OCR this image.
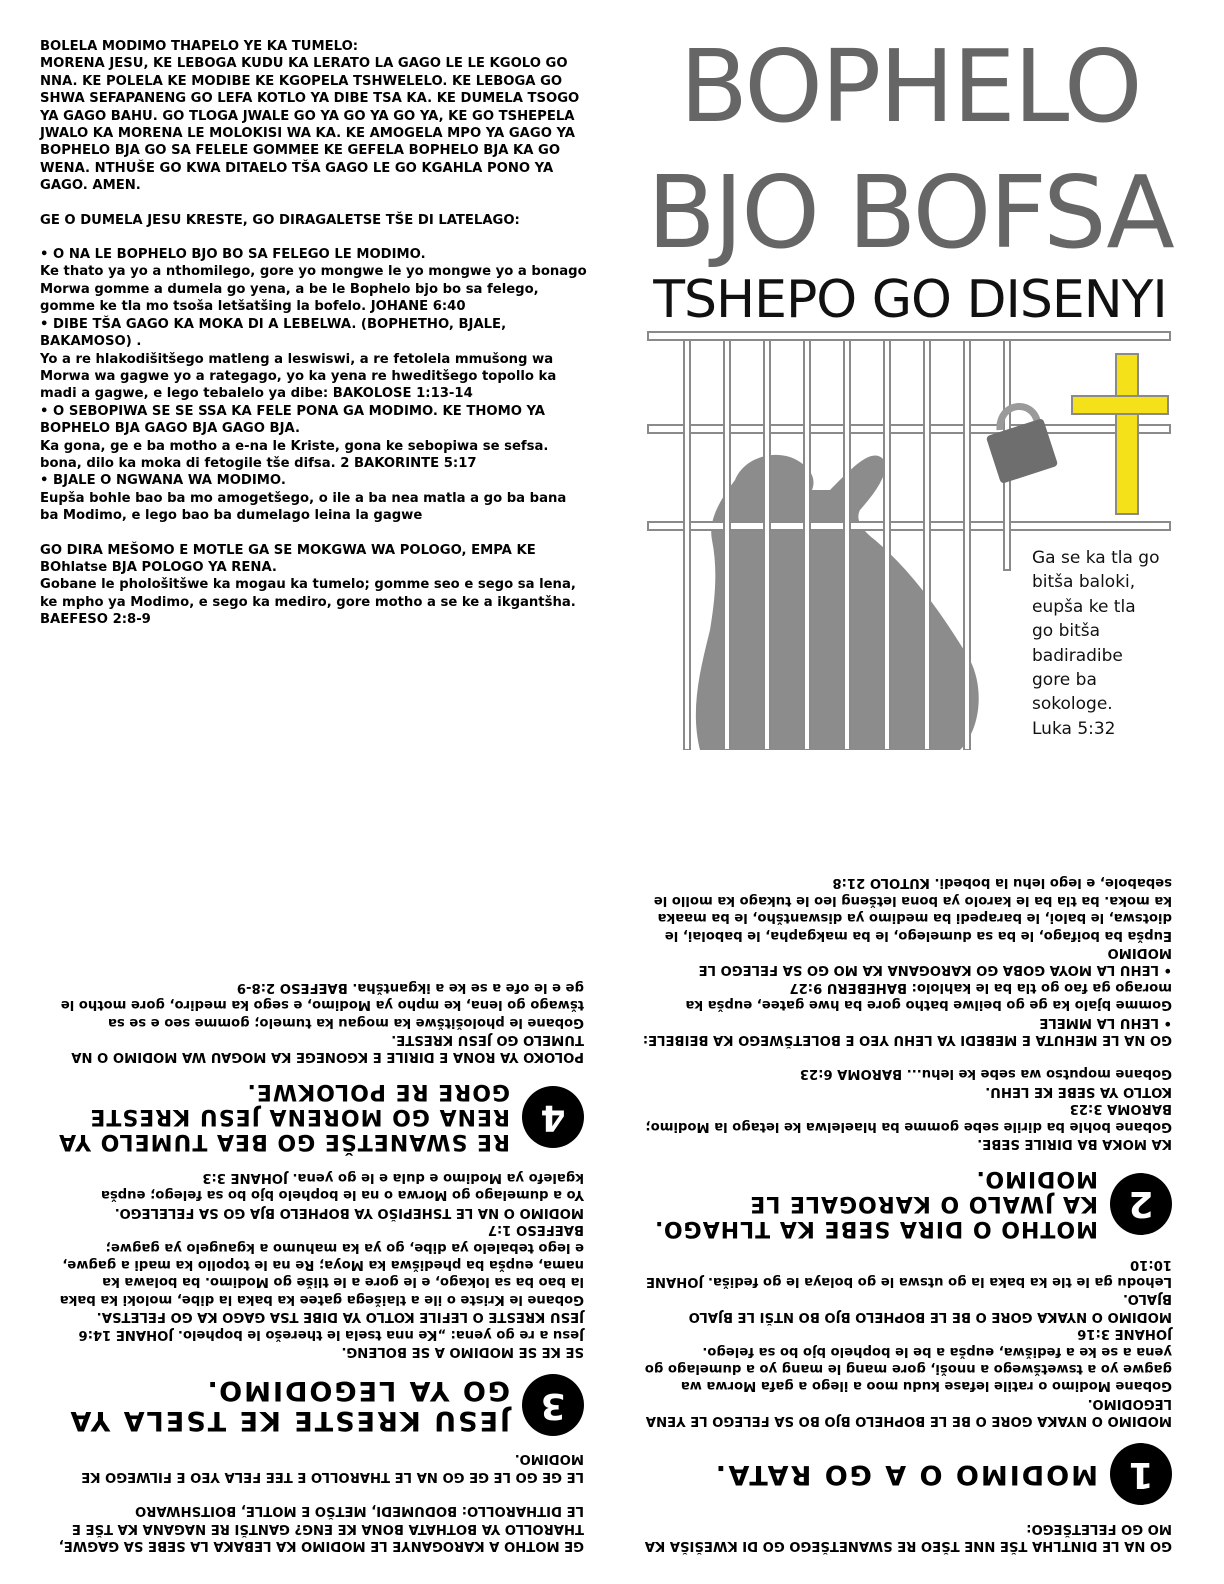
BOLELA MODIMO THAPELO YE KA TUMELO:
MORENA JESU, KE LEBOGA KUDU KA LERATO LA GAGO LE LE KGOLO GO NNA. KE POLELA KE MODIBE KE KGOPELA TSHWELELO. KE LEBOGA GO SHWA SEFAPANENG GO LEFA KOTLO YA DIBE TSA KA. KE DUMELA TSOGO YA GAGO BAHU. GO TLOGA JWALE GO YA GO YA GO YA, KE GO TSHEPELA JWALO KA MORENA LE MOLOKISI WA KA. KE AMOGELA MPO YA GAGO YA BOPHELO BJA GO SA FELELE GOMMEE KE GEFELA BOPHELO BJA KA GO WENA. NTHUŠE GO KWA DITAELO TŠA GAGO LE GO KGAHLA PONO YA GAGO. AMEN.
GE O DUMELA JESU KRESTE, GO DIRAGALETSE TŠE DI LATELAGO:
• O NA LE BOPHELO BJO BO SA FELEGO LE MODIMO.
Ke thato ya yo a nthomilego, gore yo mongwe le yo mongwe yo a bonago Morwa gomme a dumela go yena, a be le Bophelo bjo bo sa felego, gomme ke tla mo tsoša letšatšing la bofelo. JOHANE 6:40
• DIBE TŠA GAGO KA MOKA DI A LEBELWA. (BOPHETHO, BJALE, BAKAMOSO) .
Yo a re hlakodišitšego matleng a leswiswi, a re fetolela mmušong wa Morwa wa gagwe yo a rategago, yo ka yena re hweditšego topollo ka madi a gagwe, e lego tebalelo ya dibe: BAKOLOSE 1:13-14
• O SEBOPIWA SE SE SSA KA FELE PONA GA MODIMO. KE THOMO YA BOPHELO BJA GAGO BJA GAGO BJA.
Ka gona, ge e ba motho a e-na le Kriste, gona ke sebopiwa se sefsa. bona, dilo ka moka di fetogile tše difsa. 2 BAKORINTE 5:17
• BJALE O NGWANA WA MODIMO.
Eupša bohle bao ba mo amogetšego, o ile a ba nea matla a go ba bana ba Modimo, e lego bao ba dumelago leina la gagwe
GO DIRA MEŠOMO E MOTLE GA SE MOKGWA WA POLOGO, EMPA KE BOhlatse BJA POLOGO YA RENA.
Gobane le phološitšwe ka mogau ka tumelo; gomme seo e sego sa lena, ke mpho ya Modimo, e sego ka mediro, gore motho a se ke a ikgantšha. BAEFESO 2:8-9
BOPHELO
BJO BOFSA
TSHEPO GO DISENYI
Ga se ka tla go
bitša baloki,
eupša ke tla
go bitša
badiradibe
gore ba
sokologe.
Luka 5:32
GO NA LE DINTLHA TŠE NNE TŠEO RE SWANETŠEGO GO DI KWEŠIŠA KA MO GO FELETŠEGO:
1
MODIMO O A GO RATA.
MODIMO O NYAKA GORE O BE LE BOPHELO BJO BO SA FELEGO LE YENA LEGODIMO.
Gobane Modimo o ratile lefase kudu moo a ilego a gafa Morwa wa gagwe yo a tswetšwego a nnoši, gore mang le mang yo a dumelago go yena a se ke a fedišwa, eupša a be le bophelo bjo bo sa felego. JOHANE 3:16
MODIMO O NYAKA GORE O BE LE BOPHELO BJO BO NTŠI LE BJALO BJALO.
Lehodu ga le tle ka baka la go utswa le go bolaya le go fediša. JOHANE 10:10
2
MOTHO O DIRA SEBE KA TLHAGO. KA JWALO O KAROGALE LE MODIMO.
KA MOKA BA DIRILE SEBE.
Gobane bohle ba dirile sebe gomme ba hlaelelwa ke letago la Modimo; BAROMA 3:23
KOTLO YA SEBE KE LEHU.
Gobane moputso wa sebe ke lehu... BAROMA 6:23
GO NA LE MEHUTA E MEBEDI YA LEHU YEO E BOLETŠWEGO KA BEIBELE:
• LEHU LA MMELE
Gomme bjalo ka ge go beilwe batho gore ba hwe gatee, eupša ka morago ga fao go tla ba le kahlolo: BAHEBERU 9:27
• LEHU LA MOYA GOBA GO KAROGANA KA MO GO SA FELEGO LE MODIMO
Eupša ba boifago, le ba sa dumelego, le ba makgapha, le babolai, le diotswa, le baloi, le barapedi ba medimo ya diswantšho, le ba maaka ka moka. ba tla ba le karolo ya bona letšeng leo le tukago ka mollo le sebabole, e lego lehu la bobedi. KUTOLO 21:8
GE MOTHO A KAROGANYE LE MODIMO KA LEBAKA LA SEBE SA GAGWE, THAROLLO YA BOTHATA BONA KE ENG? GANTŠI RE NAGANA KA TŠE E LE DITHAROLLO: BODUMEDI, METŠO E MOTLE, BOITSHWARO
LE GE GO LE GE GO NA LE THAROLLO E TEE FELA YEO E FILWEGO KE MODIMO.
3
JESU KRESTE KE TSELA YA GO YA LEGODIMO.
SE KE SE MODIMO A SE BOLENG.
Jesu a re go yena: „Ke nna tsela le therešo le bophelo. JOHANE 14:6
JESU KRESTE O LEFILE KOTLO YA DIBE TSA GAGO KA GO FELETSA.
Gobane le Kriste o ile a tlaišega gatee ka baka la dibe, moloki ka baka la bao ba sa lokago, e le gore a le tliše go Modimo. ba bolawa ka nama, eupša ba phedišwa ka Moya; Re na le topollo ka madi a gagwe, e lego tebalelo ya dibe, go ya ka mahumo a kgaugelo ya gagwe; BAEFESO 1:7
MODIMO O NA LE TSHEPIŠO YA BOPHELO BJA GO SA FELELEGO.
Yo a dumelago go Morwa o na le bophelo bjo bo sa felego; eupša kgalefo ya Modimo e dula e le go yena. JOHANE 3:3
4
RE SWANETŠE GO BEA TUMELO YA RENA GO MORENA JESU KRESTE GORE RE POLOKWE.
POLOKO YA RONA E DIRILE E KGONEGE KA MOGAU WA MODIMO O NA TUMELO GO JESU KRESTE.
Gobane le phološitšwe ka mogau ka tumelo; gomme seo e se sa tšwago go lena, ke mpho ya Modimo, e sego ka mediro, gore motho le ge e le ofe a se ke a ikgantšha. BAEFESO 2:8-9
